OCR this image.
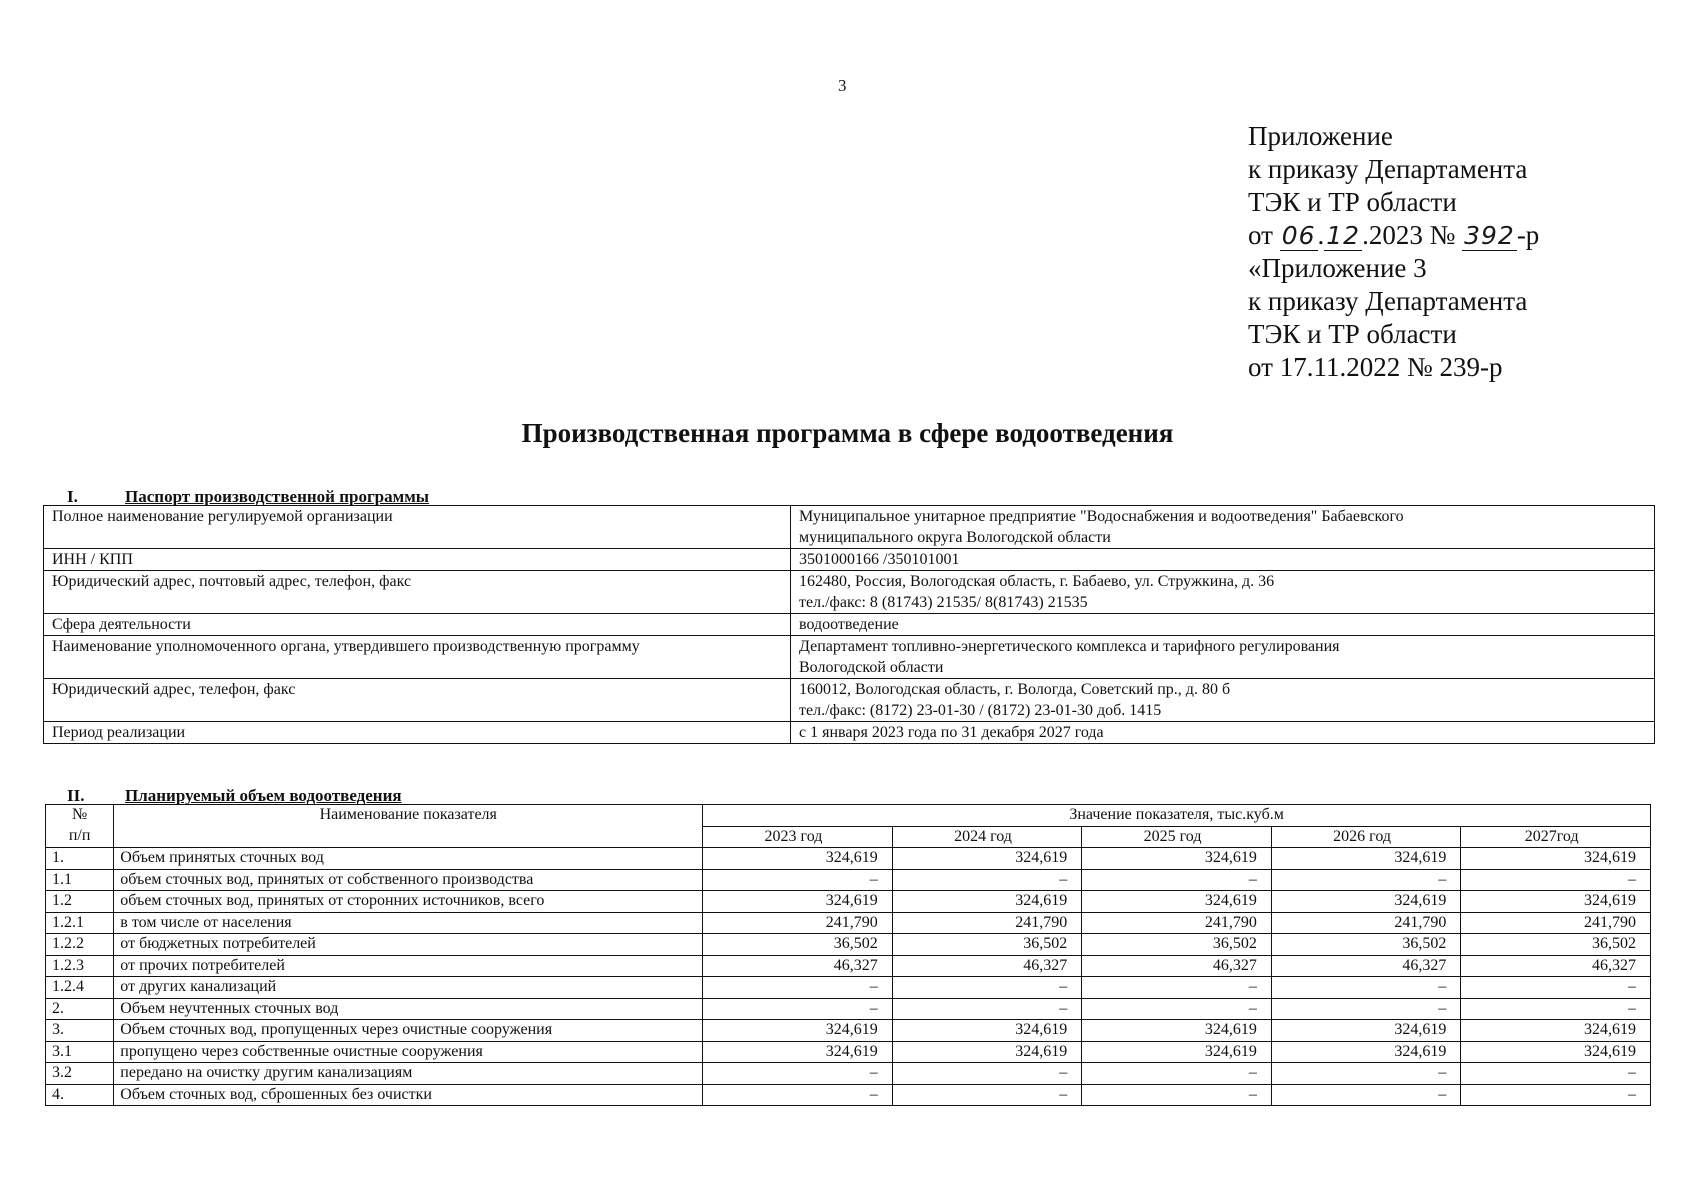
3
Приложение
к приказу Департамента
ТЭК и ТР области
от 06.12.2023 № 392-р
«Приложение 3
к приказу Департамента
ТЭК и ТР области
от 17.11.2022 № 239-р
Производственная программа в сфере водоотведения
I.	Паспорт производственной программы
Полное наименование регулируемой организации	Муниципальное унитарное предприятие "Водоснабжения и водоотведения" Бабаевского
муниципального округа Вологодской области

ИНН / КПП	3501000166 /350101001

Юридический адрес, почтовый адрес, телефон, факс	162480, Россия, Вологодская область, г. Бабаево, ул. Стружкина, д. 36
тел./факс: 8 (81743) 21535/ 8(81743) 21535

Сфера деятельности	водоотведение

Наименование уполномоченного органа, утвердившего производственную программу	Департамент топливно-энергетического комплекса и тарифного регулирования
Вологодской области

Юридический адрес, телефон, факс	160012, Вологодская область, г. Вологда, Советский пр., д. 80 б
тел./факс: (8172) 23-01-30 / (8172) 23-01-30 доб. 1415

Период реализации	с 1 января 2023 года по 31 декабря 2027 года
II. Планируемый объем водоотведения
№
п/п	Наименование показателя	Значение показателя, тыс.куб.м				
		2023 год	2024 год	2025 год	2026 год	2027год
1.	Объем принятых сточных вод	324,619	324,619	324,619	324,619	324,619
1.1	объем сточных вод, принятых от собственного производства	–	–	–	–	–
1.2	объем сточных вод, принятых от сторонних источников, всего	324,619	324,619	324,619	324,619	324,619
1.2.1	в том числе от населения	241,790	241,790	241,790	241,790	241,790
1.2.2	от бюджетных потребителей	36,502	36,502	36,502	36,502	36,502
1.2.3	от прочих потребителей	46,327	46,327	46,327	46,327	46,327
1.2.4	от других канализаций	–	–	–	–	–
2.	Объем неучтенных сточных вод	–	–	–	–	–
3.	Объем сточных вод, пропущенных через очистные сооружения	324,619	324,619	324,619	324,619	324,619
3.1	пропущено через собственные очистные сооружения	324,619	324,619	324,619	324,619	324,619
3.2	передано на очистку другим канализациям	–	–	–	–	–
4.	Объем сточных вод, сброшенных без очистки	–	–	–	–	–
